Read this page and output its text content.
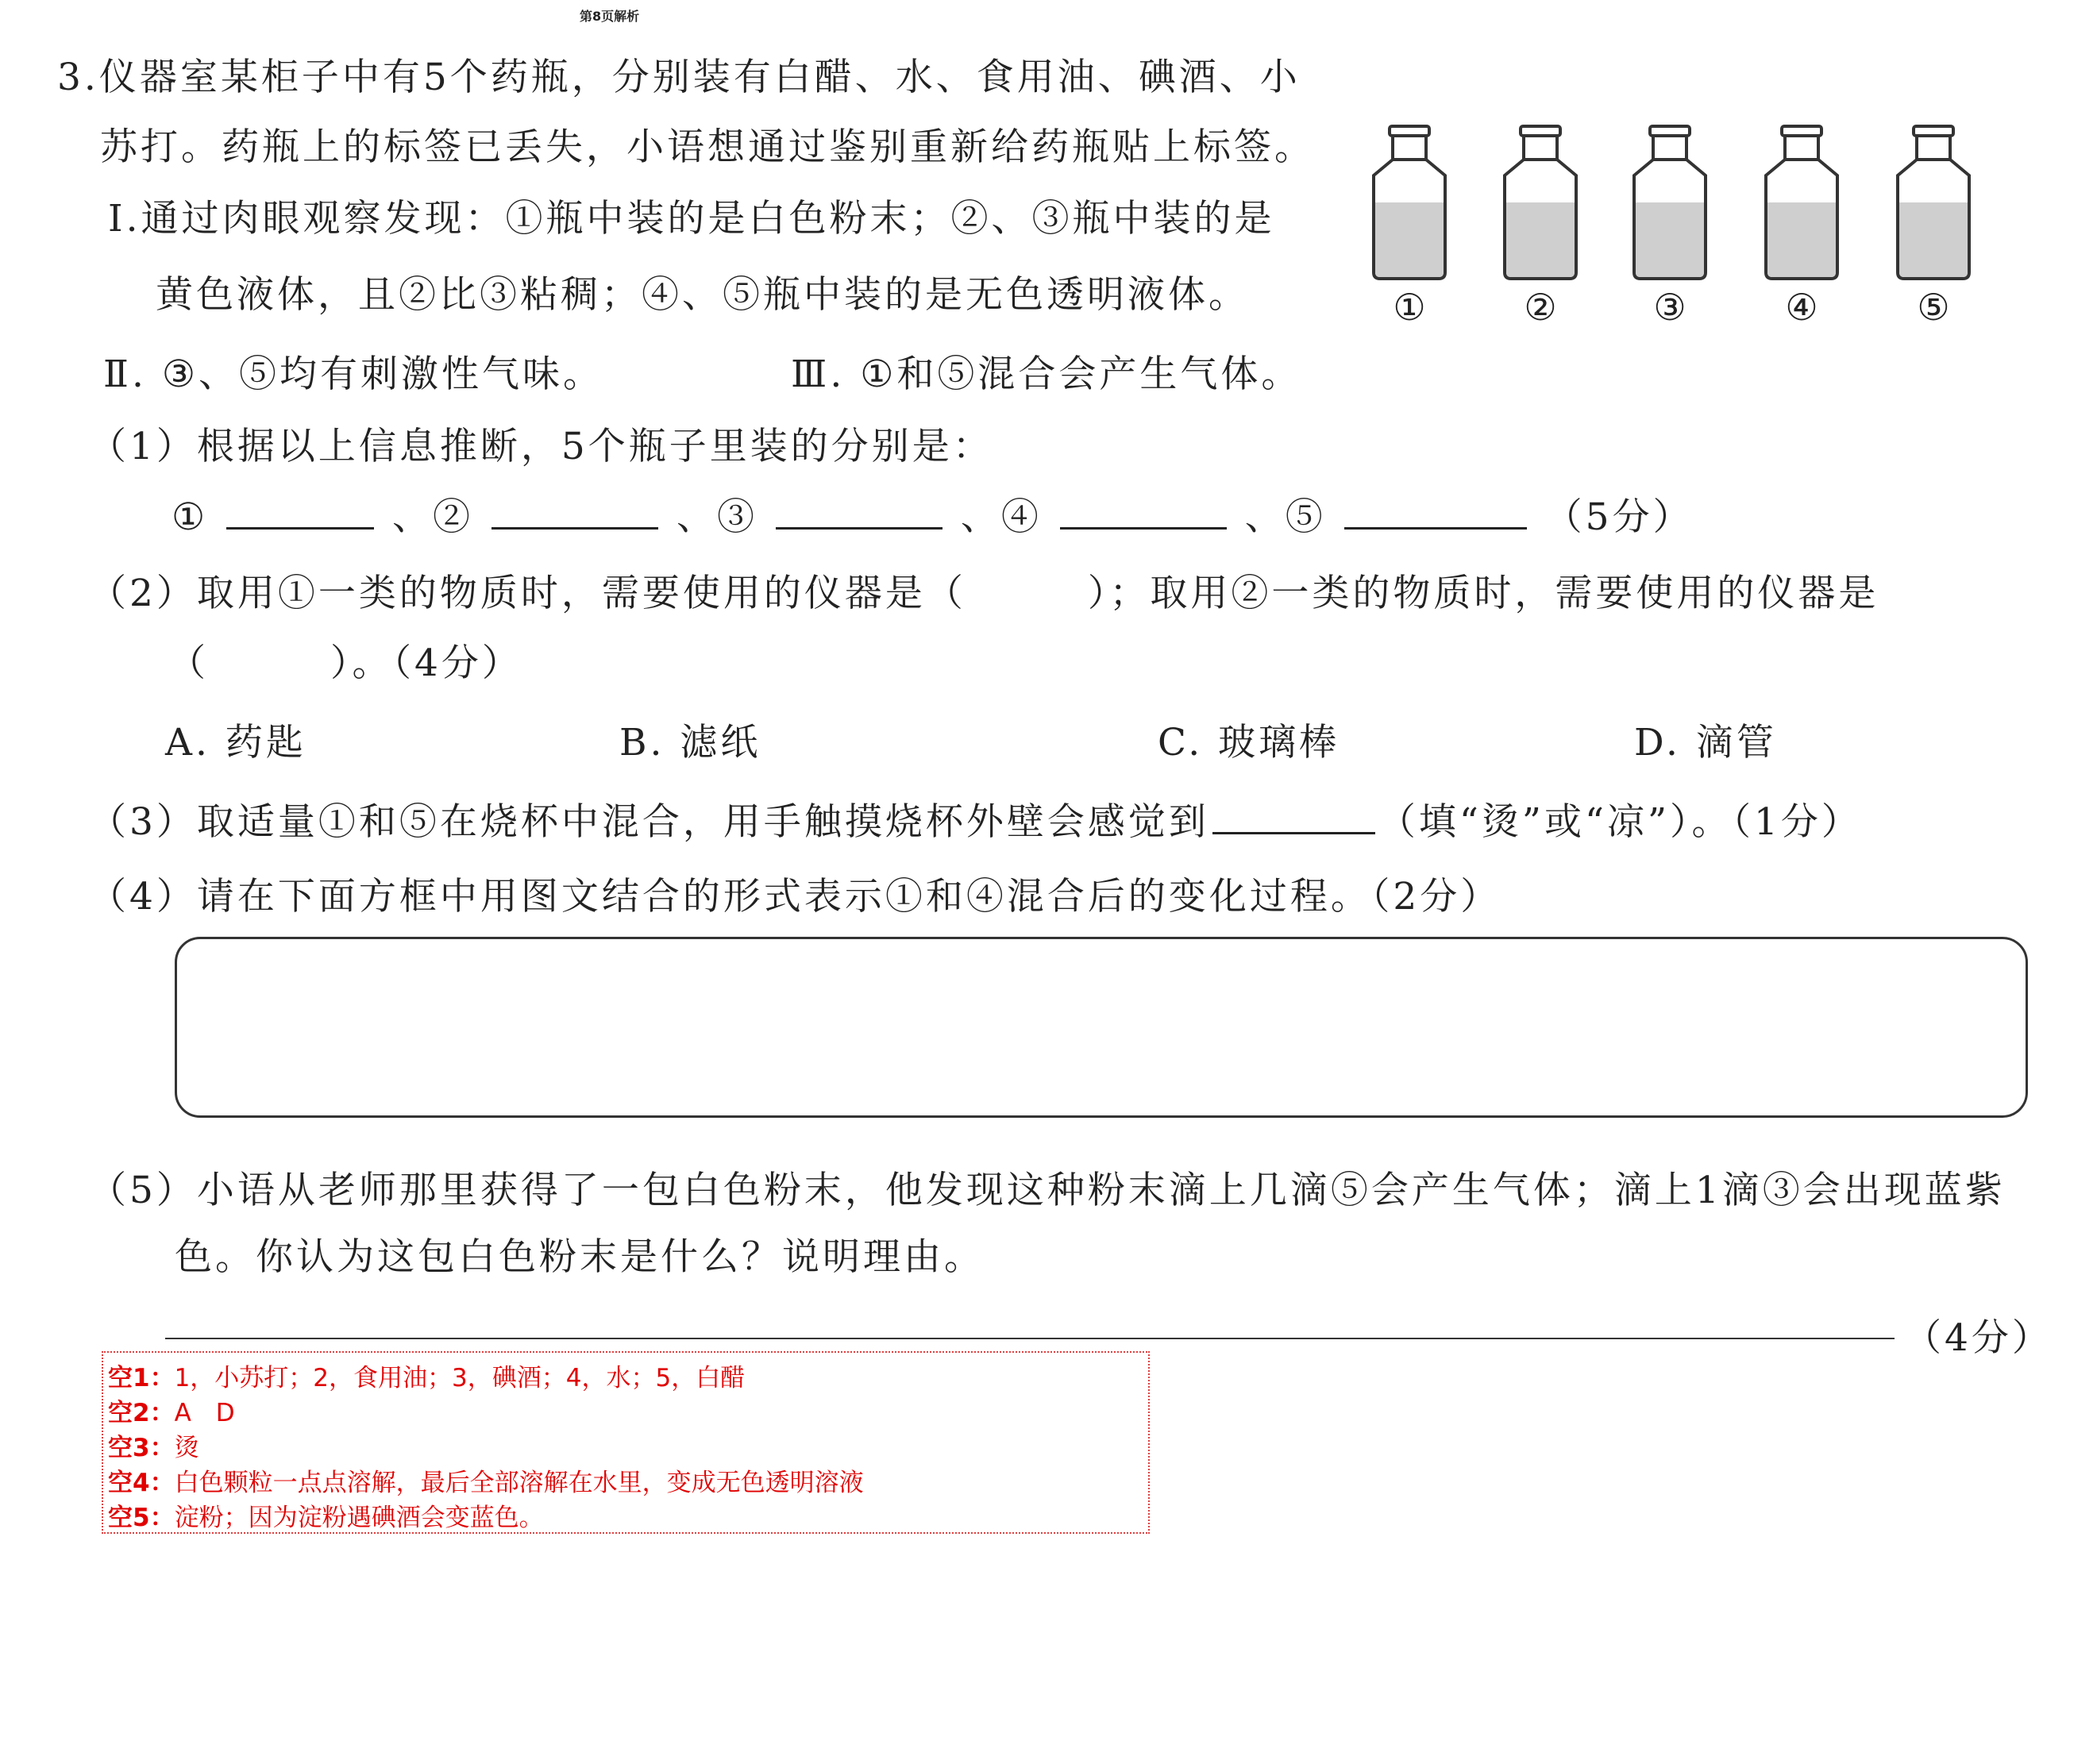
第8页解析
3.仪器室某柜子中有5个药瓶，分别装有白醋、水、食用油、碘酒、小
苏打。药瓶上的标签已丢失，小语想通过鉴别重新给药瓶贴上标签。
Ⅰ.通过肉眼观察发现：①瓶中装的是白色粉末；②、③瓶中装的是
黄色液体，且②比③粘稠；④、⑤瓶中装的是无色透明液体。
Ⅱ. ③、⑤均有刺激性气味。	Ⅲ. ①和⑤混合会产生气体。
①	②	③	④	⑤
（1）根据以上信息推断，5个瓶子里装的分别是：
①	、②	、③	、④	、⑤	（5分）
（2）取用①一类的物质时，需要使用的仪器是（　　　）；取用②一类的物质时，需要使用的仪器是
（　　　）。（4分）
A. 药匙	B. 滤纸	C. 玻璃棒	D. 滴管
（3）取适量①和⑤在烧杯中混合，用手触摸烧杯外壁会感觉到	（填“烫”或“凉”）。（1分）
（4）请在下面方框中用图文结合的形式表示①和④混合后的变化过程。（2分）
（5）小语从老师那里获得了一包白色粉末，他发现这种粉末滴上几滴⑤会产生气体；滴上1滴③会出现蓝紫
色。你认为这包白色粉末是什么？说明理由。
（4分）
空1：1，小苏打；2，食用油；3，碘酒；4，水；5，白醋
空2：A　D
空3：烫
空4：白色颗粒一点点溶解，最后全部溶解在水里，变成无色透明溶液
空5：淀粉；因为淀粉遇碘酒会变蓝色。
